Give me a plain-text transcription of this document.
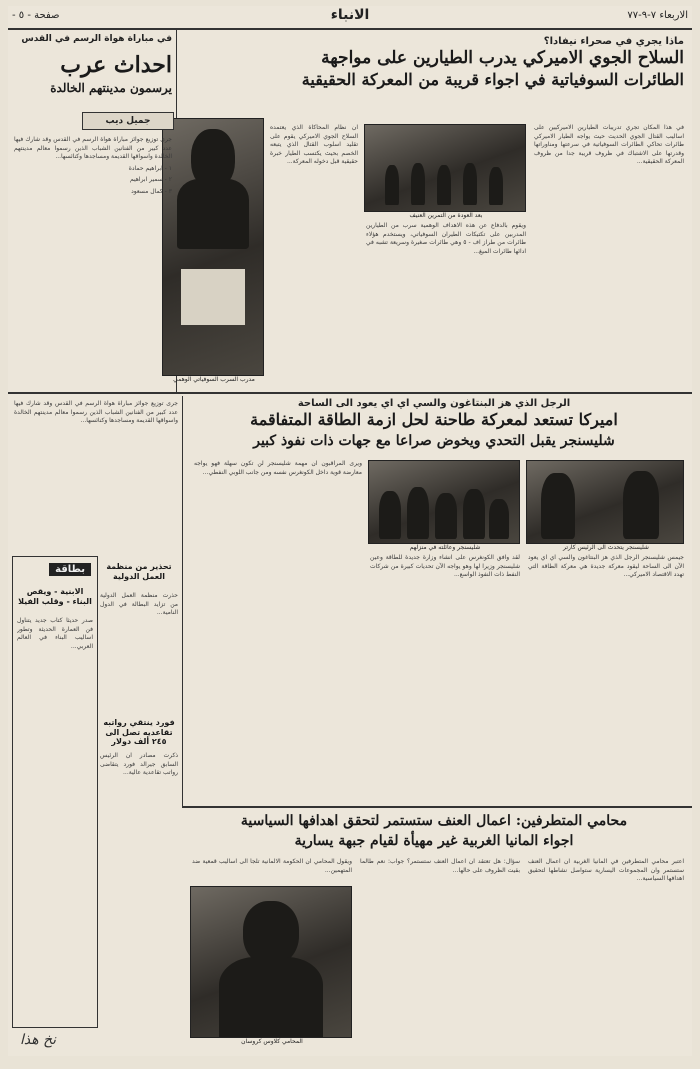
الاربعاء ٧-٩-٧٧
الانباء
صفحة - ٥ -
ماذا يجري في صحراء نيفادا؟
السلاح الجوي الاميركي يدرب الطيارين على مواجهة
الطائرات السوفياتية في اجواء قريبة من المعركة الحقيقية

في هذا المكان تجري تدريبات الطيارين الاميركيين على اساليب القتال الجوي الحديث حيث يواجه الطيار الاميركي طائرات تحاكي الطائرات السوفياتية في سرعتها ومناوراتها وقدرتها على الاشتباك في ظروف قريبة جدا من ظروف المعركة الحقيقية...

بعد العودة من التمرين العنيف

ويقوم بالدفاع عن هذه الاهداف الوهمية سرب من الطيارين المدربين على تكتيكات الطيران السوفياتي، ويستخدم هؤلاء طائرات من طراز اف - ٥ وهي طائرات صغيرة وسريعة تشبه في ادائها طائرات الميغ...

ان نظام المحاكاة الذي يعتمده السلاح الجوي الاميركي يقوم على تقليد اسلوب القتال الذي يتبعه الخصم بحيث يكتسب الطيار خبرة حقيقية قبل دخوله المعركة...

مدرب السرب السوفياتي الوهمي
في مباراة هواة الرسم في القدس
احداث عرب
يرسمون مدينتهم الخالدة
جميل ديب

جرى توزيع جوائز مباراة هواة الرسم في القدس وقد شارك فيها عدد كبير من الفنانين الشباب الذين رسموا معالم مدينتهم الخالدة واسواقها القديمة ومساجدها وكنائسها...

١ - ابراهيم حمادة

٢ - سمير ابراهيم

٣ - كمال مسعود

الرجل الذي هز البنتاغون والسي اي اي يعود الى الساحة
اميركا تستعد لمعركة طاحنة لحل ازمة الطاقة المتفاقمة
شليسنجر يقبل التحدي ويخوض صراعا مع جهات ذات نفوذ كبير
شليسنجر يتحدث الى الرئيس كارتر
شليسنجر وعائلته في منزلهم

جيمس شليسنجر الرجل الذي هز البنتاغون والسي اي اي يعود الآن الى الساحة ليقود معركة جديدة هي معركة الطاقة التي تهدد الاقتصاد الاميركي...

لقد وافق الكونغرس على انشاء وزارة جديدة للطاقة وعين شليسنجر وزيرا لها وهو يواجه الآن تحديات كبيرة من شركات النفط ذات النفوذ الواسع...

ويرى المراقبون ان مهمة شليسنجر لن تكون سهلة فهو يواجه معارضة قوية داخل الكونغرس نفسه ومن جانب اللوبي النفطي...

جرى توزيع جوائز مباراة هواة الرسم في القدس وقد شارك فيها عدد كبير من الفنانين الشباب الذين رسموا معالم مدينتهم الخالدة واسواقها القديمة ومساجدها وكنائسها...

بطاقة
الابنية - ويقص البناء - وقلب الفيلا

صدر حديثا كتاب جديد يتناول فن العمارة الحديثة وتطور اساليب البناء في العالم العربي...

نخ هذا
تحذير من منظمة العمل الدولية

حذرت منظمة العمل الدولية من تزايد البطالة في الدول النامية...

فورد ينتقي رواتبه تقاعديه تصل الى ٢٤٥ ألف دولار

ذكرت مصادر ان الرئيس السابق جيرالد فورد يتقاضى رواتب تقاعدية عالية...

محامي المتطرفين: اعمال العنف ستستمر لتحقق اهدافها السياسية
اجواء المانيا الغربية غير مهيأة لقيام جبهة يسارية

اعتبر محامي المتطرفين في المانيا الغربية ان اعمال العنف ستستمر وان المجموعات اليسارية ستواصل نشاطها لتحقيق اهدافها السياسية...

سؤال: هل تعتقد ان اعمال العنف ستستمر؟ جواب: نعم طالما بقيت الظروف على حالها...

المحامي كلاوس كروسان

ويقول المحامي ان الحكومة الالمانية تلجأ الى اساليب قمعية ضد المتهمين...
